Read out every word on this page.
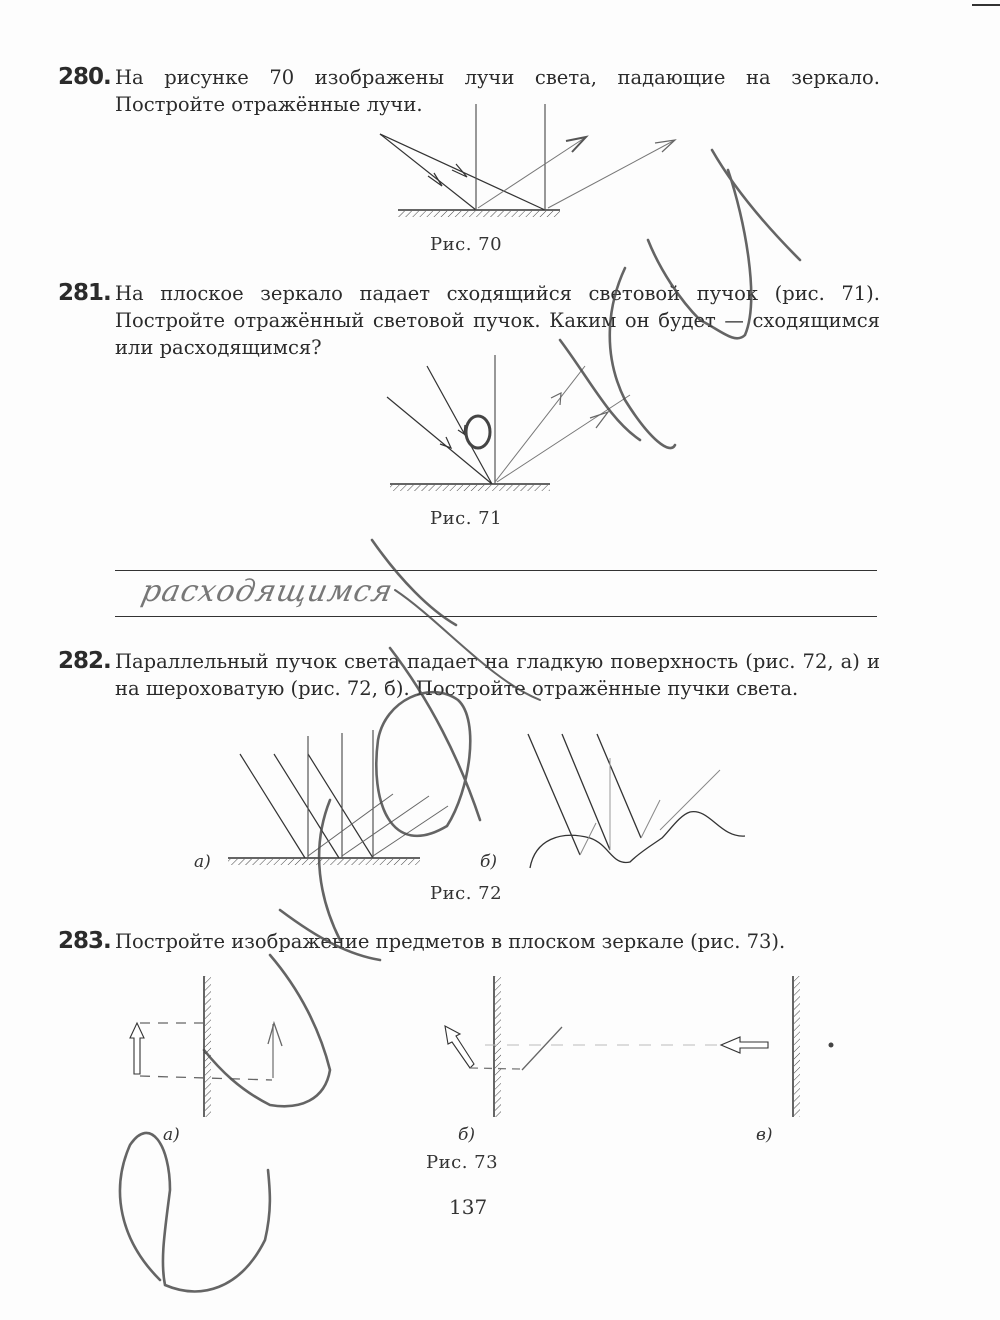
280. На рисунке 70 изображены лучи света, падающие на зеркало. Постройте отражённые лучи.
Рис. 70
281. На плоское зеркало падает сходящийся световой пучок (рис. 71). Постройте отражённый световой пучок. Каким он будет — сходящимся или расходящимся?
Рис. 71
расходящимся
282. Параллельный пучок света падает на гладкую поверхность (рис. 72, а) и на шероховатую (рис. 72, б). Постройте отражённые пучки света.
а)	б)
Рис. 72
283. Постройте изображение предметов в плоском зеркале (рис. 73).
а)	б)	в)
Рис. 73
137
